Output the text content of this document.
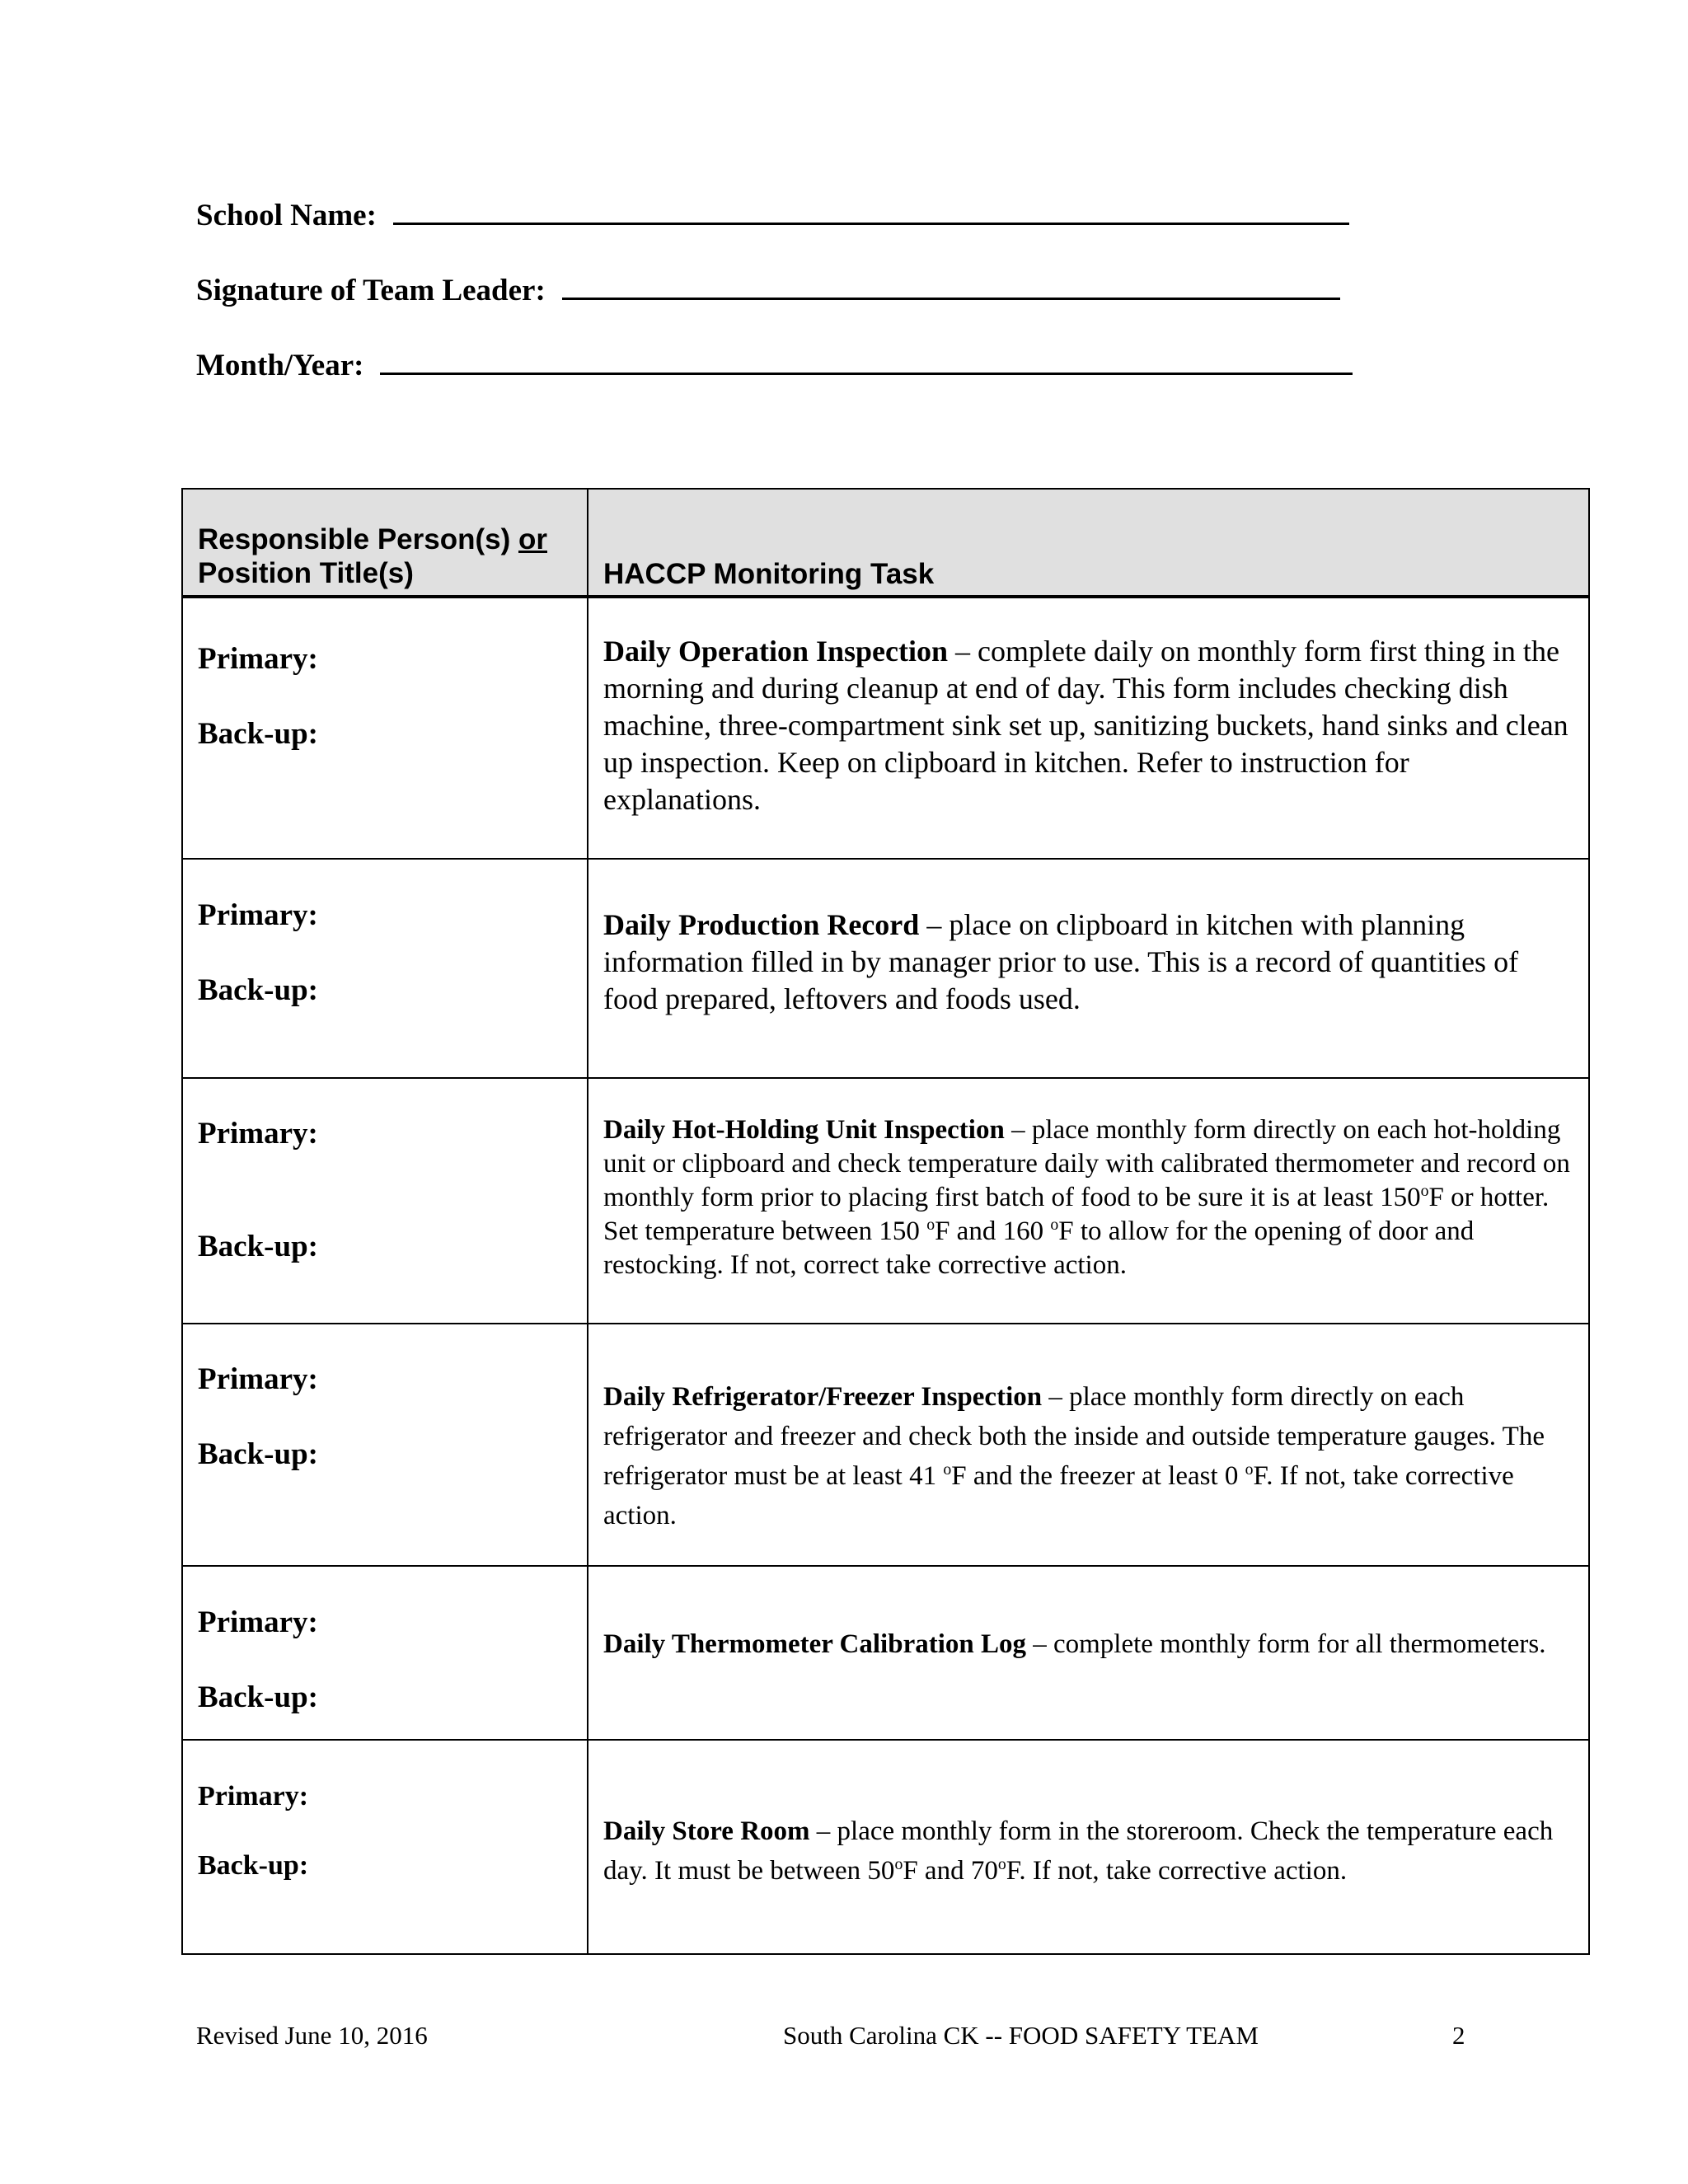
School Name:
Signature of Team Leader:
Month/Year:
Responsible Person(s) or
Position Title(s)	HACCP Monitoring Task

Primary:
Back-up:	Daily Operation Inspection – complete daily on monthly form first thing in the morning and during cleanup at end of day. This form includes checking dish machine, three-compartment sink set up, sanitizing buckets, hand sinks and clean up inspection. Keep on clipboard in kitchen. Refer to instruction for explanations.

Primary:
Back-up:	Daily Production Record – place on clipboard in kitchen with planning information filled in by manager prior to use. This is a record of quantities of food prepared, leftovers and foods used.

Primary:
Back-up:	Daily Hot-Holding Unit Inspection – place monthly form directly on each hot-holding unit or clipboard and check temperature daily with calibrated thermometer and record on monthly form prior to placing first batch of food to be sure it is at least 150$^o$F or hotter. Set temperature between 150 $^o$F and 160 $^o$F to allow for the opening of door and restocking. If not, correct take corrective action.

Primary:
Back-up:	Daily Refrigerator/Freezer Inspection – place monthly form directly on each refrigerator and freezer and check both the inside and outside temperature gauges. The refrigerator must be at least 41 $^o$F and the freezer at least 0 $^o$F. If not, take corrective action.

Primary:
Back-up:	Daily Thermometer Calibration Log – complete monthly form for all thermometers.

Primary:
Back-up:	Daily Store Room – place monthly form in the storeroom. Check the temperature each day. It must be between 50$^o$F and 70$^o$F. If not, take corrective action.
Revised June 10, 2016	South Carolina CK -- FOOD SAFETY TEAM	2
